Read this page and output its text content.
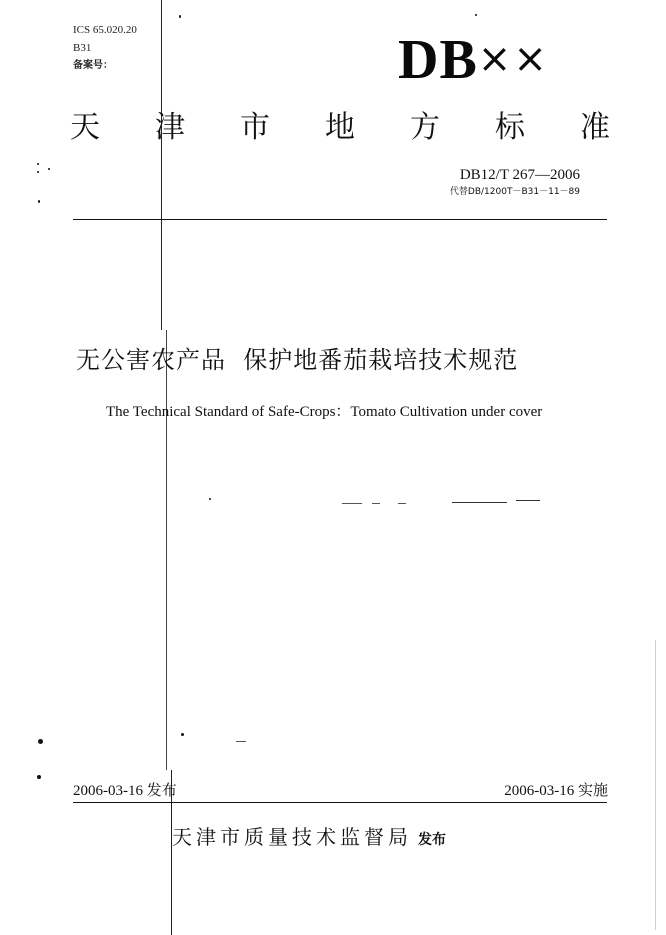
ICS 65.020.20
B31
备案号：	DB××
天 津 市 地 方 标 准
DB12/T 267—2006
代替DB/1200T－B31－11－89
无公害农产品  保护地番茄栽培技术规范
The Technical Standard of Safe-Crops：Tomato Cultivation under cover
2006-03-16 发布	2006-03-16 实施
天津市质量技术监督局 发布
